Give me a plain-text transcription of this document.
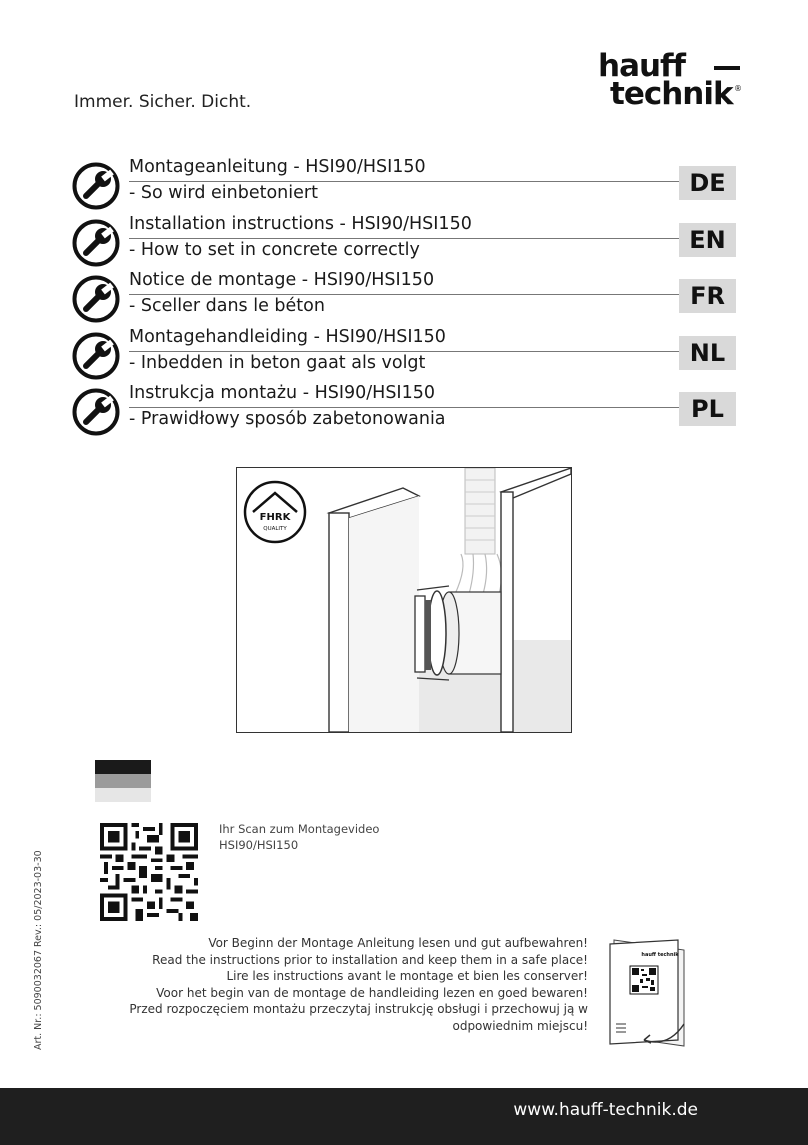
Immer. Sicher. Dicht.
hauff
technik ®
Montageanleitung - HSI90/HSI150
- So wird einbetoniert	DE
Installation instructions - HSI90/HSI150
- How to set in concrete correctly	EN
Notice de montage - HSI90/HSI150
- Sceller dans le béton	FR
Montagehandleiding - HSI90/HSI150
- Inbedden in beton gaat als volgt	NL
Instrukcja montażu - HSI90/HSI150
- Prawidłowy sposób zabetonowania	PL
FHRK
QUALITY
Ihr Scan zum Montagevideo
HSI90/HSI150
Art. Nr.: 5090032067 Rev.: 05/2023-03-30	Vor Beginn der Montage Anleitung lesen und gut aufbewahren!
Read the instructions prior to installation and keep them in a safe place!
Lire les instructions avant le montage et bien les conserver!
Voor het begin van de montage de handleiding lezen en goed bewaren!
Przed rozpoczęciem montażu przeczytaj instrukcję obsługi i przechowuj ją w
odpowiednim miejscu!
hauff technik
www.hauff-technik.de
